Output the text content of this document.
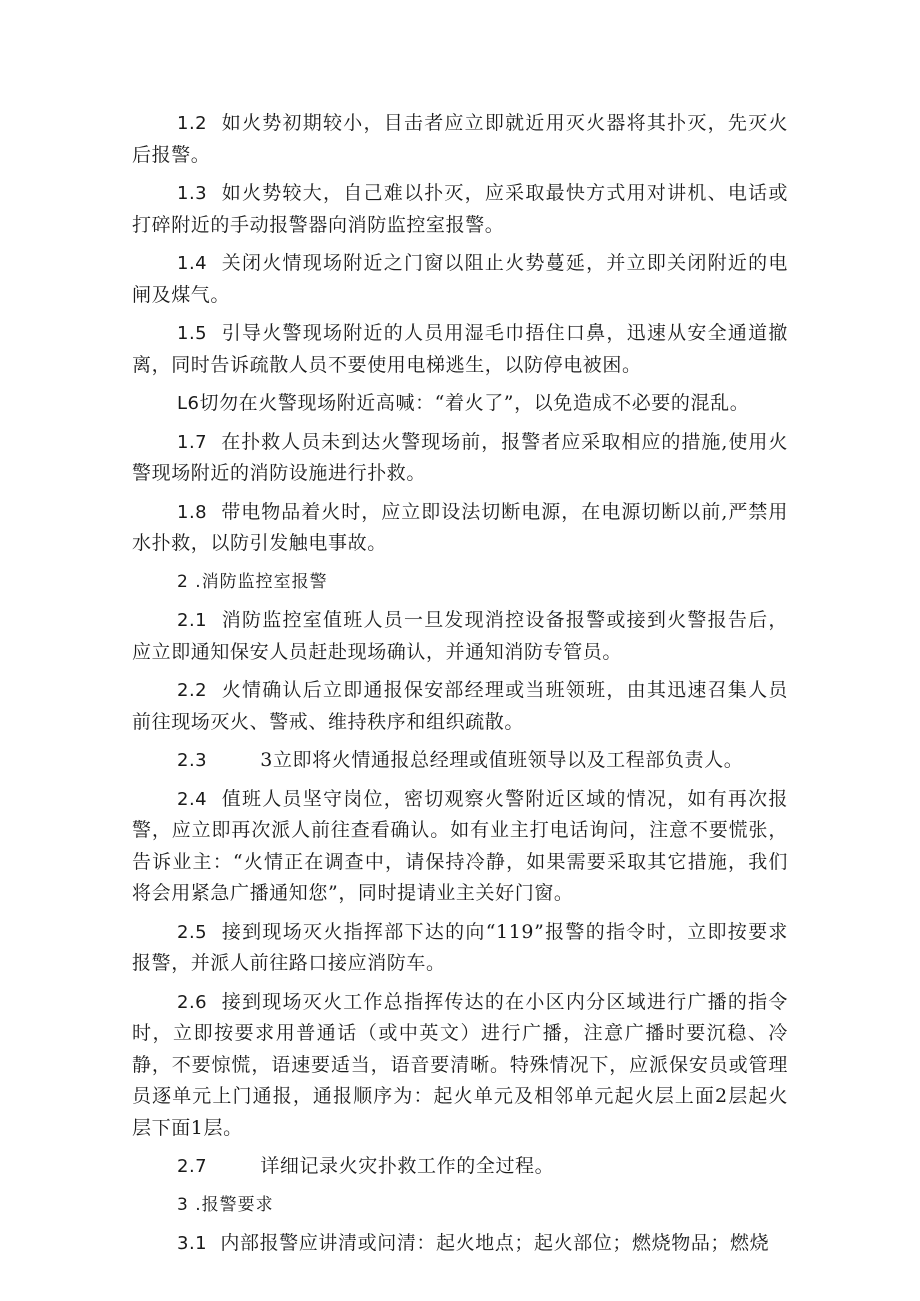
1.2 如火势初期较小，目击者应立即就近用灭火器将其扑灭，先灭火后报警。

1.3 如火势较大，自己难以扑灭，应采取最快方式用对讲机、电话或打碎附近的手动报警器向消防监控室报警。

1.4 关闭火情现场附近之门窗以阻止火势蔓延，并立即关闭附近的电闸及煤气。

1.5 引导火警现场附近的人员用湿毛巾捂住口鼻，迅速从安全通道撤离，同时告诉疏散人员不要使用电梯逃生，以防停电被困。

L6切勿在火警现场附近高喊：“着火了”，以免造成不必要的混乱。

1.7 在扑救人员未到达火警现场前，报警者应采取相应的措施,使用火警现场附近的消防设施进行扑救。

1.8 带电物品着火时，应立即设法切断电源，在电源切断以前,严禁用水扑救，以防引发触电事故。

2 .消防监控室报警

2.1 消防监控室值班人员一旦发现消控设备报警或接到火警报告后，应立即通知保安人员赶赴现场确认，并通知消防专管员。

2.2 火情确认后立即通报保安部经理或当班领班，由其迅速召集人员前往现场灭火、警戒、维持秩序和组织疏散。

2.3        3立即将火情通报总经理或值班领导以及工程部负责人。

2.4 值班人员坚守岗位，密切观察火警附近区域的情况，如有再次报警，应立即再次派人前往查看确认。如有业主打电话询问，注意不要慌张，告诉业主：“火情正在调查中，请保持冷静，如果需要采取其它措施，我们将会用紧急广播通知您”，同时提请业主关好门窗。

2.5 接到现场灭火指挥部下达的向“119”报警的指令时，立即按要求报警，并派人前往路口接应消防车。

2.6 接到现场灭火工作总指挥传达的在小区内分区域进行广播的指令时，立即按要求用普通话（或中英文）进行广播，注意广播时要沉稳、冷静，不要惊慌，语速要适当，语音要清晰。特殊情况下，应派保安员或管理员逐单元上门通报，通报顺序为：起火单元及相邻单元起火层上面2层起火层下面1层。

2.7        详细记录火灾扑救工作的全过程。

3 .报警要求

3.1 内部报警应讲清或问清：起火地点；起火部位；燃烧物品；燃烧
